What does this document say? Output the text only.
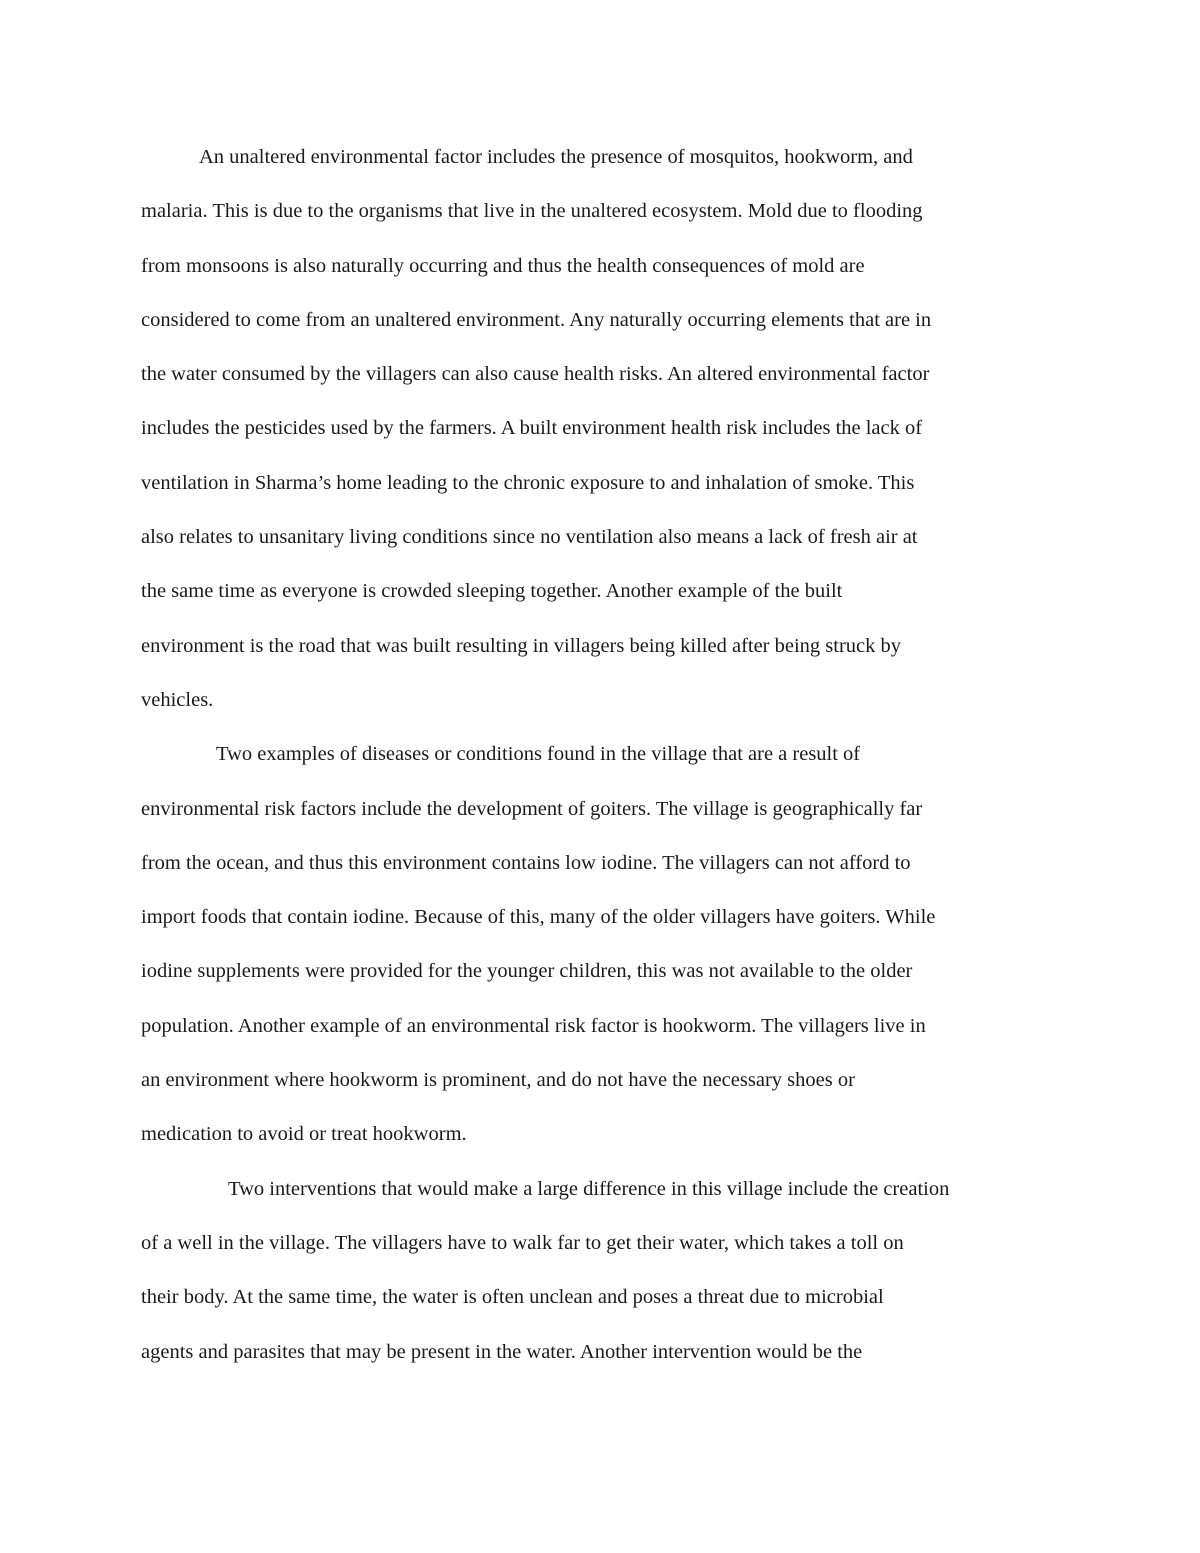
An unaltered environmental factor includes the presence of mosquitos, hookworm, and
malaria. This is due to the organisms that live in the unaltered ecosystem. Mold due to flooding
from monsoons is also naturally occurring and thus the health consequences of mold are
considered to come from an unaltered environment. Any naturally occurring elements that are in
the water consumed by the villagers can also cause health risks. An altered environmental factor
includes the pesticides used by the farmers. A built environment health risk includes the lack of
ventilation in Sharma’s home leading to the chronic exposure to and inhalation of smoke. This
also relates to unsanitary living conditions since no ventilation also means a lack of fresh air at
the same time as everyone is crowded sleeping together. Another example of the built
environment is the road that was built resulting in villagers being killed after being struck by
vehicles.
Two examples of diseases or conditions found in the village that are a result of
environmental risk factors include the development of goiters. The village is geographically far
from the ocean, and thus this environment contains low iodine. The villagers can not afford to
import foods that contain iodine. Because of this, many of the older villagers have goiters. While
iodine supplements were provided for the younger children, this was not available to the older
population. Another example of an environmental risk factor is hookworm. The villagers live in
an environment where hookworm is prominent, and do not have the necessary shoes or
medication to avoid or treat hookworm.
Two interventions that would make a large difference in this village include the creation
of a well in the village. The villagers have to walk far to get their water, which takes a toll on
their body. At the same time, the water is often unclean and poses a threat due to microbial
agents and parasites that may be present in the water. Another intervention would be the
